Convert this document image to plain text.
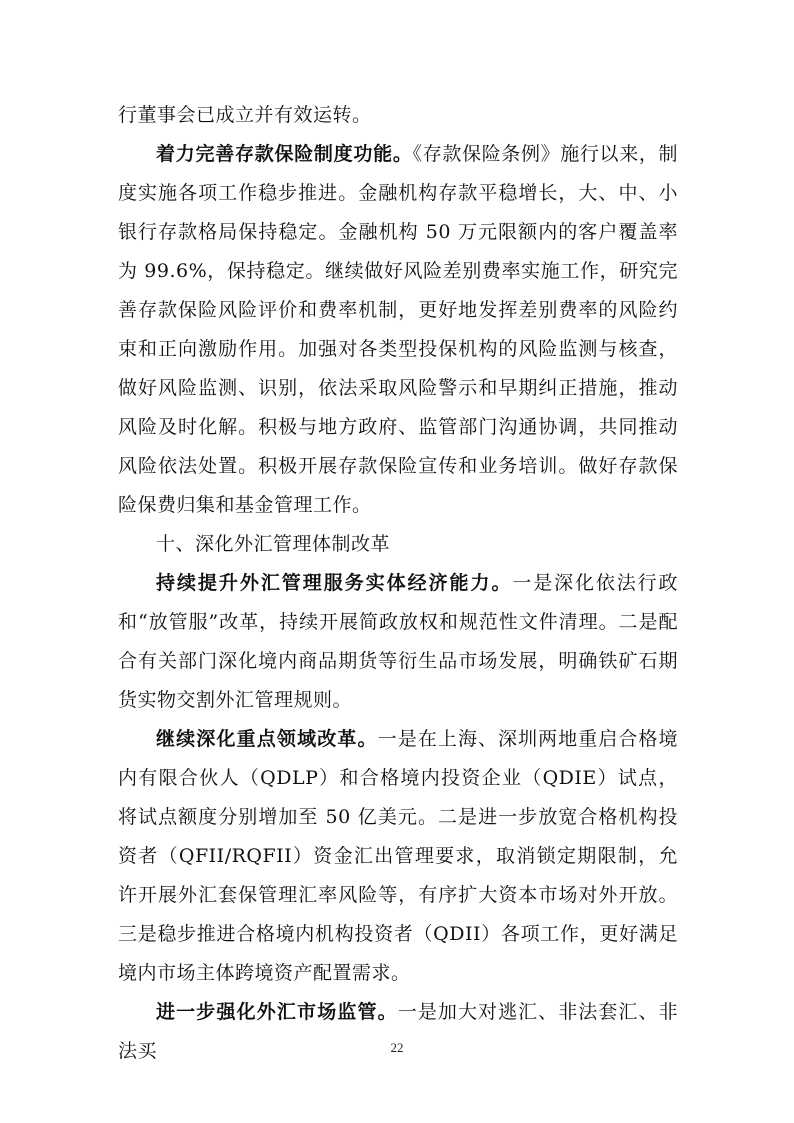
行董事会已成立并有效运转。

着力完善存款保险制度功能。《存款保险条例》施行以来，制度实施各项工作稳步推进。金融机构存款平稳增长，大、中、小银行存款格局保持稳定。金融机构 50 万元限额内的客户覆盖率为 99.6%，保持稳定。继续做好风险差别费率实施工作，研究完善存款保险风险评价和费率机制，更好地发挥差别费率的风险约束和正向激励作用。加强对各类型投保机构的风险监测与核查，做好风险监测、识别，依法采取风险警示和早期纠正措施，推动风险及时化解。积极与地方政府、监管部门沟通协调，共同推动风险依法处置。积极开展存款保险宣传和业务培训。做好存款保险保费归集和基金管理工作。

十、深化外汇管理体制改革

持续提升外汇管理服务实体经济能力。一是深化依法行政和“放管服”改革，持续开展简政放权和规范性文件清理。二是配合有关部门深化境内商品期货等衍生品市场发展，明确铁矿石期货实物交割外汇管理规则。

继续深化重点领域改革。一是在上海、深圳两地重启合格境内有限合伙人（QDLP）和合格境内投资企业（QDIE）试点，将试点额度分别增加至 50 亿美元。二是进一步放宽合格机构投资者（QFII/RQFII）资金汇出管理要求，取消锁定期限制，允许开展外汇套保管理汇率风险等，有序扩大资本市场对外开放。三是稳步推进合格境内机构投资者（QDII）各项工作，更好满足境内市场主体跨境资产配置需求。

进一步强化外汇市场监管。一是加大对逃汇、非法套汇、非法买	22
